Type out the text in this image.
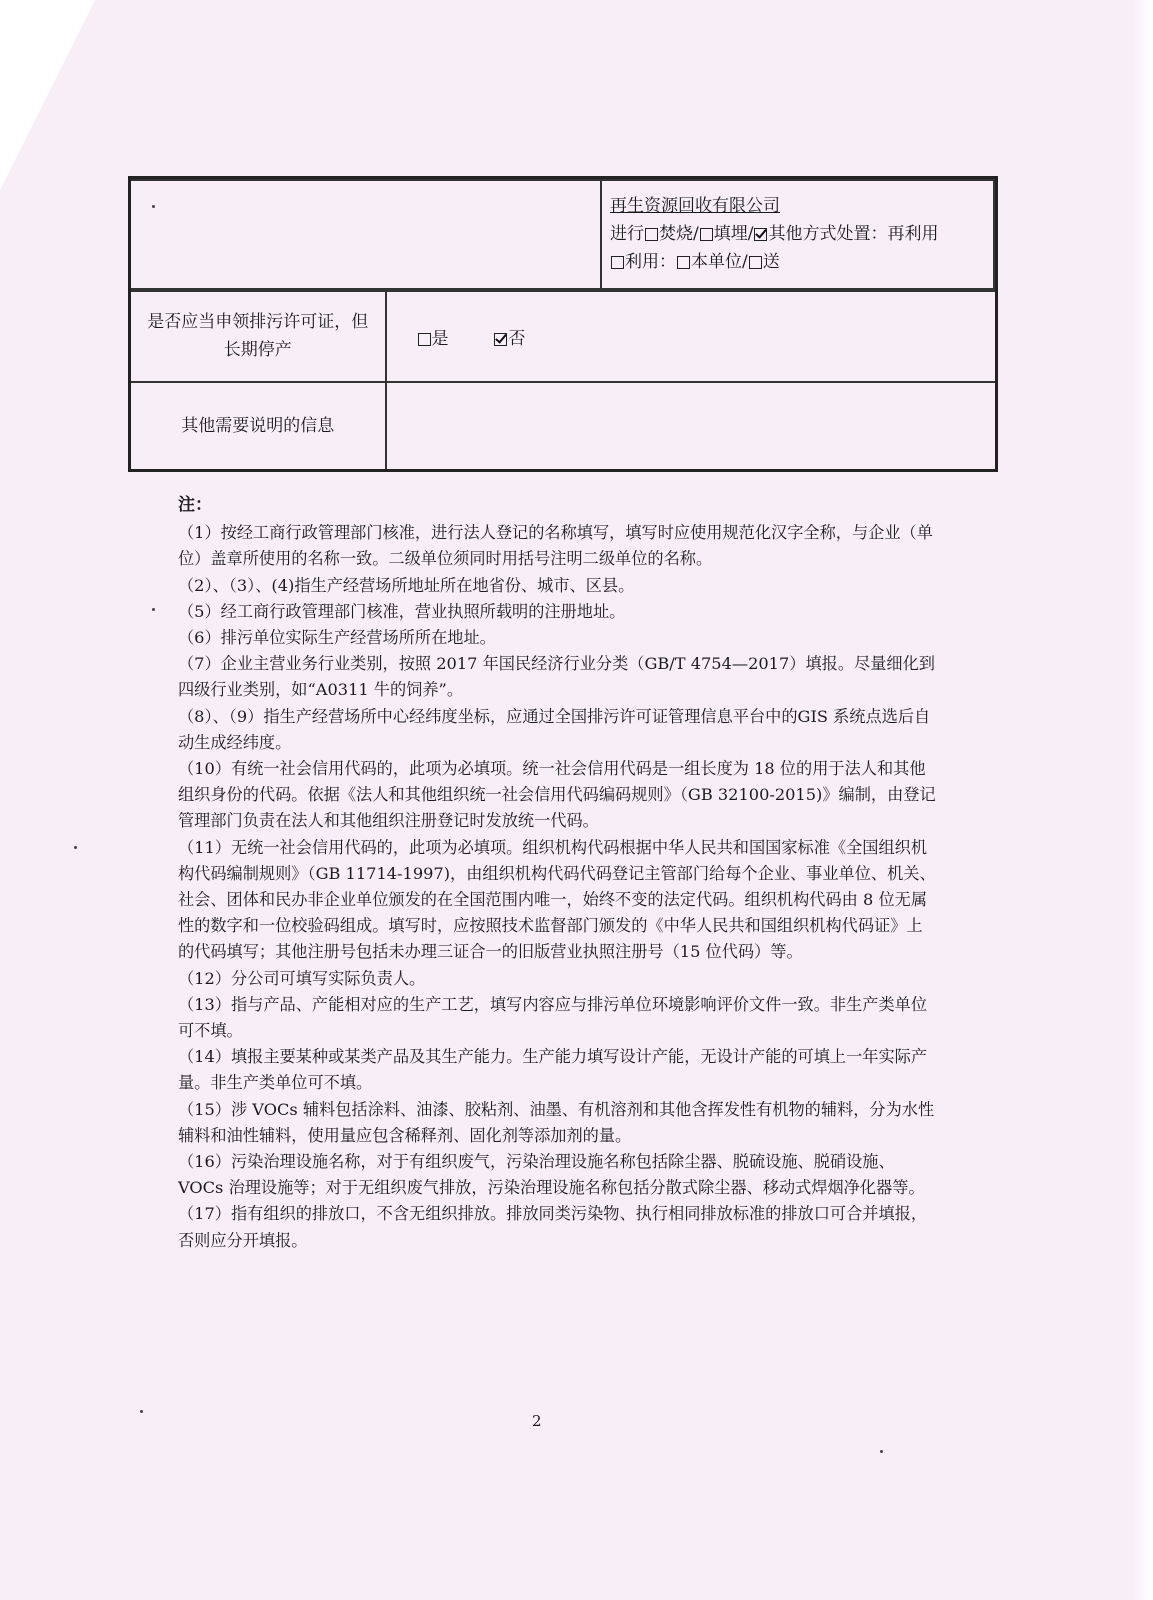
再生资源回收有限公司
进行 焚烧/ 填埋/ 其他方式处置：再利用
利用： 本单位/ 送

是否应当申领排污许可证，但长期停产	是	否
其他需要说明的信息	
注：

（1）按经工商行政管理部门核准，进行法人登记的名称填写，填写时应使用规范化汉字全称，与企业（单位）盖章所使用的名称一致。二级单位须同时用括号注明二级单位的名称。

（2）、（3）、(4)指生产经营场所地址所在地省份、城市、区县。

（5）经工商行政管理部门核准，营业执照所载明的注册地址。

（6）排污单位实际生产经营场所所在地址。

（7）企业主营业务行业类别，按照 2017 年国民经济行业分类（GB/T 4754—2017）填报。尽量细化到四级行业类别，如“A0311 牛的饲养”。

（8）、（9）指生产经营场所中心经纬度坐标，应通过全国排污许可证管理信息平台中的GIS 系统点选后自动生成经纬度。

（10）有统一社会信用代码的，此项为必填项。统一社会信用代码是一组长度为 18 位的用于法人和其他组织身份的代码。依据《法人和其他组织统一社会信用代码编码规则》（GB 32100-2015)》编制，由登记管理部门负责在法人和其他组织注册登记时发放统一代码。

（11）无统一社会信用代码的，此项为必填项。组织机构代码根据中华人民共和国国家标准《全国组织机构代码编制规则》（GB 11714-1997)，由组织机构代码代码登记主管部门给每个企业、事业单位、机关、社会、团体和民办非企业单位颁发的在全国范围内唯一，始终不变的法定代码。组织机构代码由 8 位无属性的数字和一位校验码组成。填写时，应按照技术监督部门颁发的《中华人民共和国组织机构代码证》上的代码填写；其他注册号包括未办理三证合一的旧版营业执照注册号（15 位代码）等。

（12）分公司可填写实际负责人。

（13）指与产品、产能相对应的生产工艺，填写内容应与排污单位环境影响评价文件一致。非生产类单位可不填。

（14）填报主要某种或某类产品及其生产能力。生产能力填写设计产能，无设计产能的可填上一年实际产量。非生产类单位可不填。

（15）涉 VOCs 辅料包括涂料、油漆、胶粘剂、油墨、有机溶剂和其他含挥发性有机物的辅料，分为水性辅料和油性辅料，使用量应包含稀释剂、固化剂等添加剂的量。

（16）污染治理设施名称，对于有组织废气，污染治理设施名称包括除尘器、脱硫设施、脱硝设施、VOCs 治理设施等；对于无组织废气排放，污染治理设施名称包括分散式除尘器、移动式焊烟净化器等。

（17）指有组织的排放口，不含无组织排放。排放同类污染物、执行相同排放标准的排放口可合并填报，否则应分开填报。

2
